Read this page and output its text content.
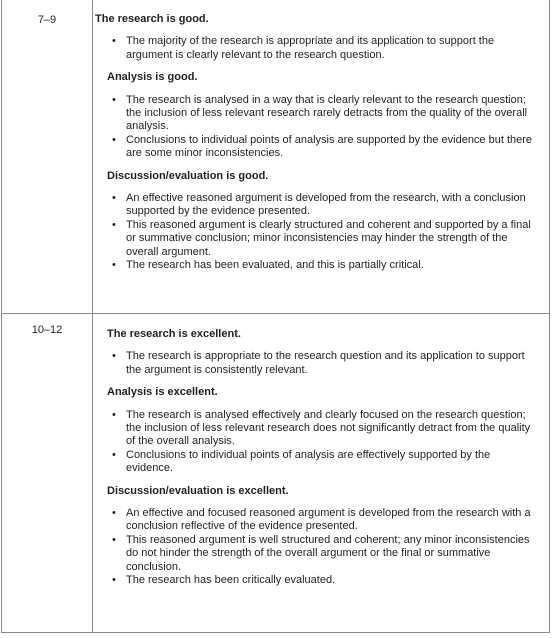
7–9	The research is good.

• The majority of the research is appropriate and its application to support the argument is clearly relevant to the research question.

Analysis is good.

• The research is analysed in a way that is clearly relevant to the research question; the inclusion of less relevant research rarely detracts from the quality of the overall analysis.
• Conclusions to individual points of analysis are supported by the evidence but there are some minor inconsistencies.

Discussion/evaluation is good.

• An effective reasoned argument is developed from the research, with a conclusion supported by the evidence presented.
• This reasoned argument is clearly structured and coherent and supported by a final or summative conclusion; minor inconsistencies may hinder the strength of the overall argument.
• The research has been evaluated, and this is partially critical.
10–12	The research is excellent.

• The research is appropriate to the research question and its application to support the argument is consistently relevant.

Analysis is excellent.

• The research is analysed effectively and clearly focused on the research question; the inclusion of less relevant research does not significantly detract from the quality of the overall analysis.
• Conclusions to individual points of analysis are effectively supported by the evidence.

Discussion/evaluation is excellent.

• An effective and focused reasoned argument is developed from the research with a conclusion reflective of the evidence presented.
• This reasoned argument is well structured and coherent; any minor inconsistencies do not hinder the strength of the overall argument or the final or summative conclusion.
• The research has been critically evaluated.
